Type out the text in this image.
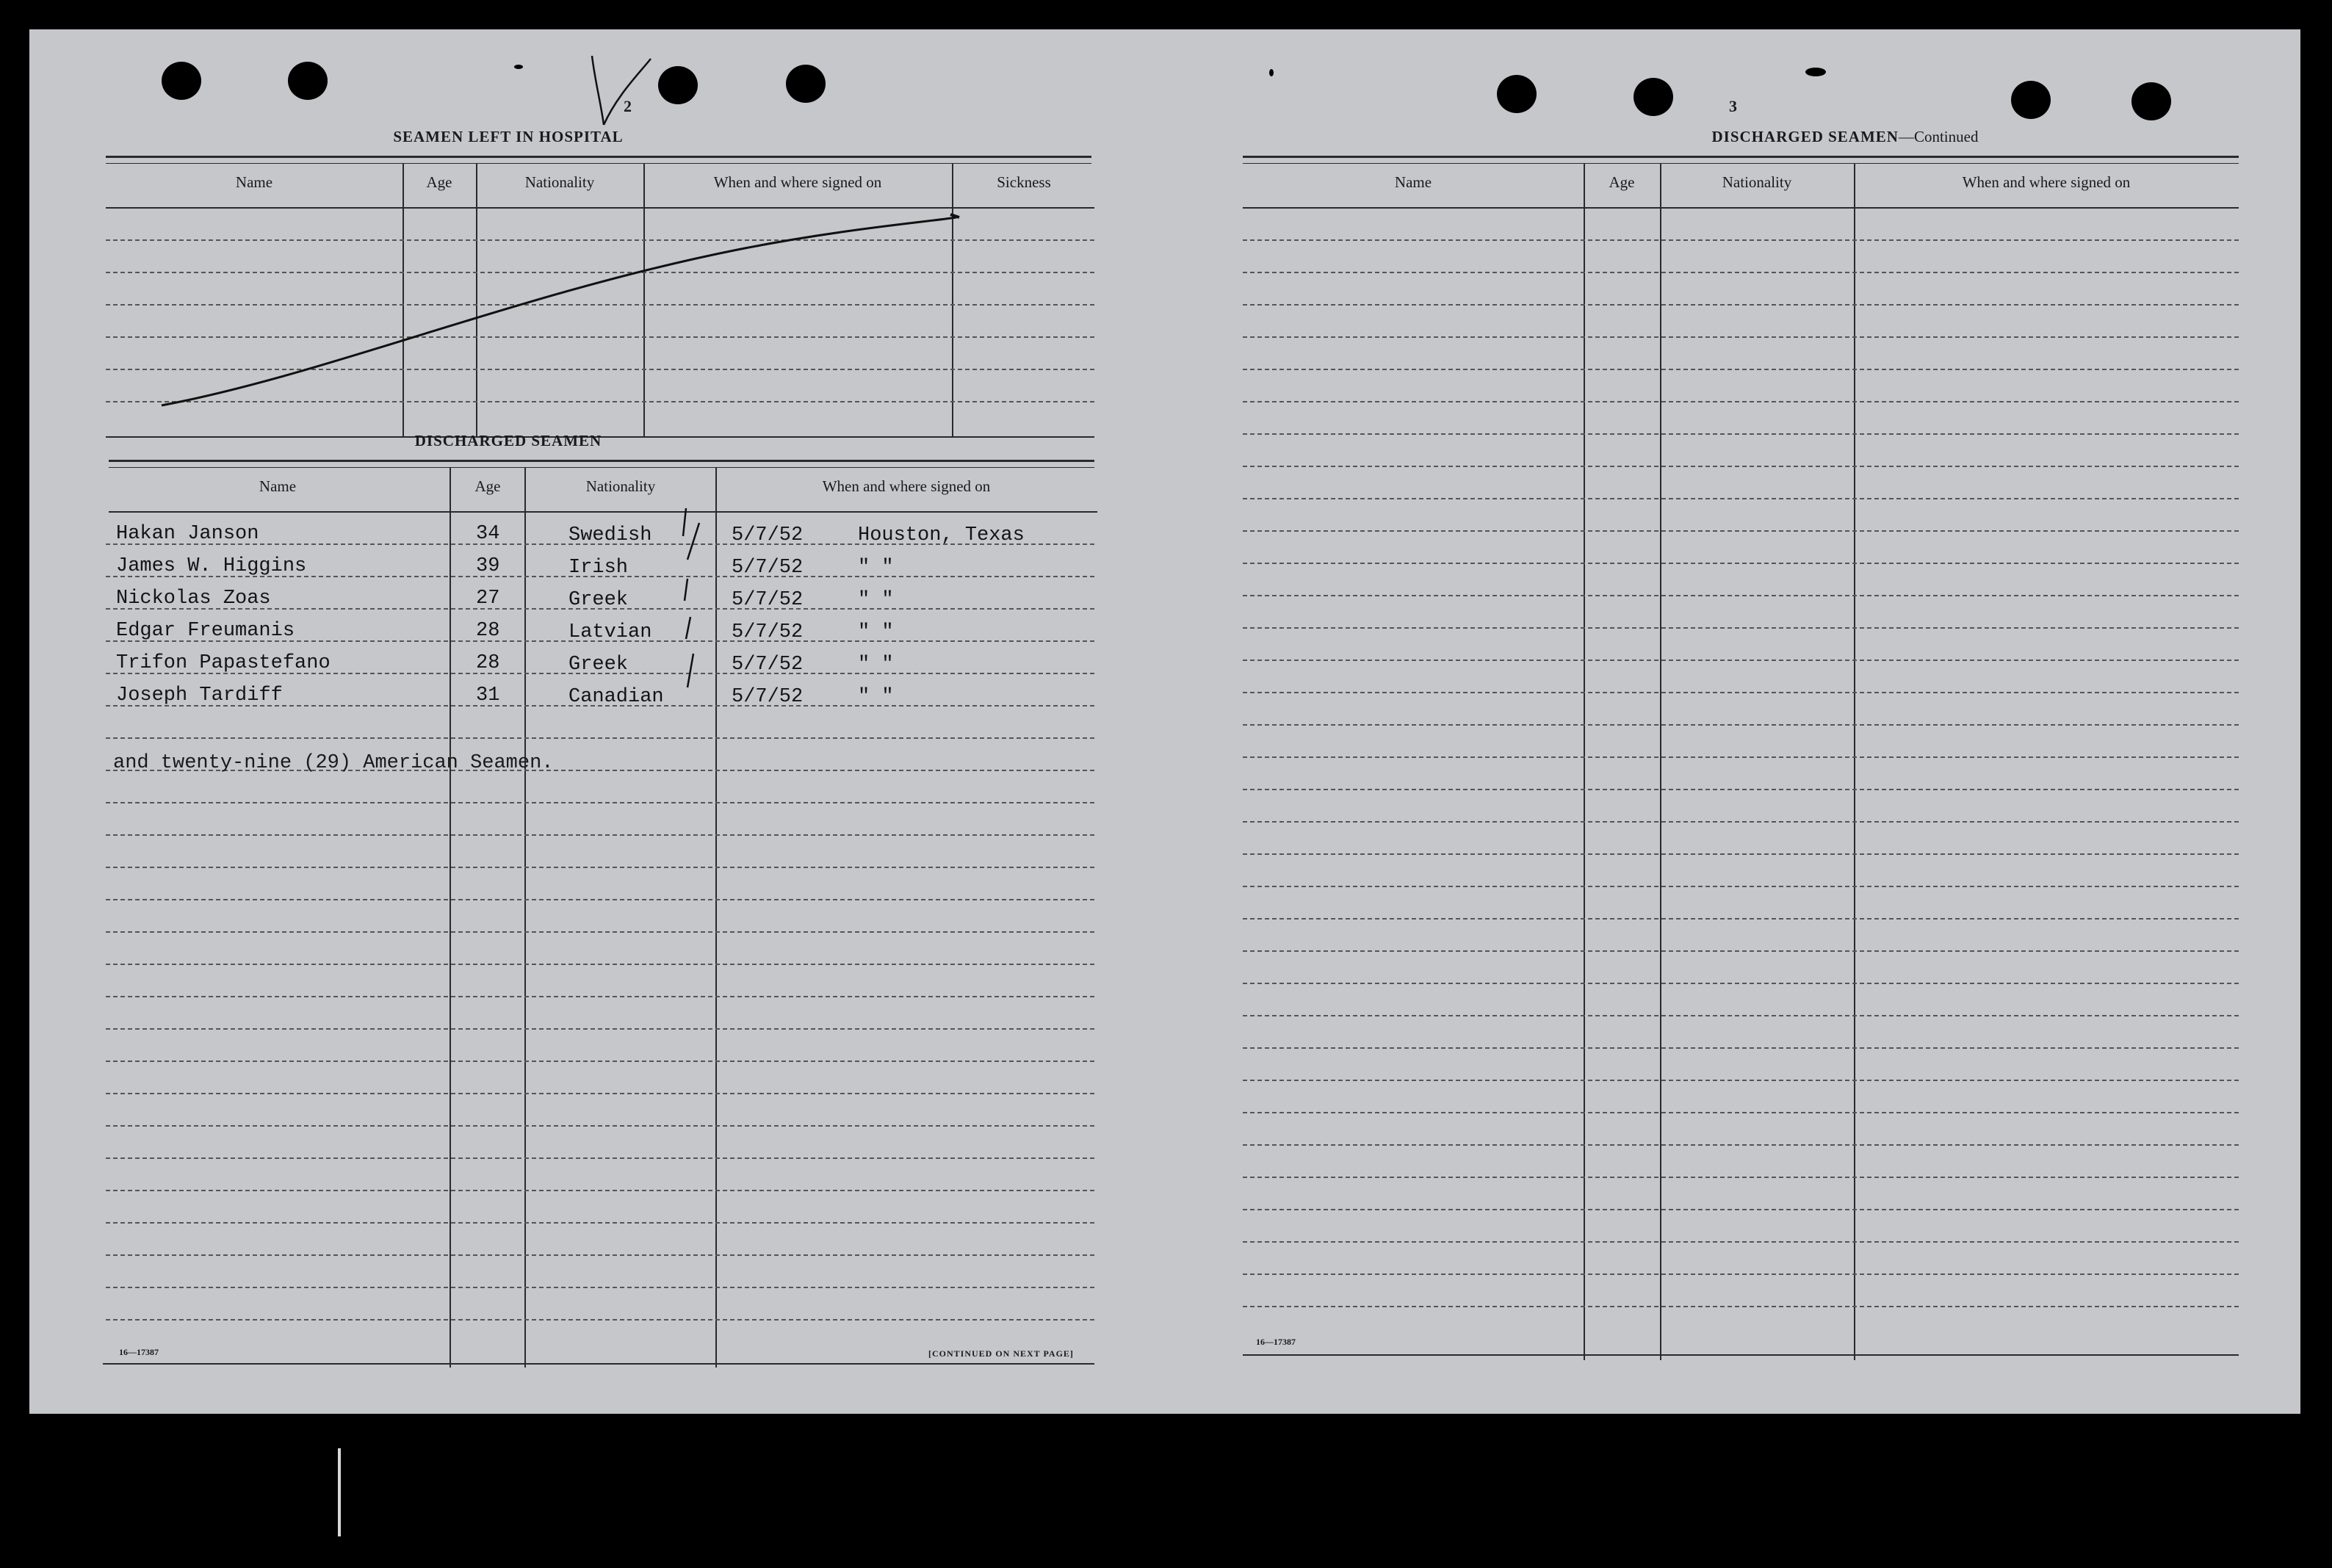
2
SEAMEN LEFT IN HOSPITAL
Name	Age	Nationality	When and where signed on	Sickness
DISCHARGED SEAMEN
Name	Age	Nationality	When and where signed on
Hakan Janson	34	Swedish	5/7/52	Houston, Texas
James W. Higgins	39	Irish	5/7/52	" "
Nickolas Zoas	27	Greek	5/7/52	" "
Edgar Freumanis	28	Latvian	5/7/52	" "
Trifon Papastefano	28	Greek	5/7/52	" "
Joseph Tardiff	31	Canadian	5/7/52	" "
and twenty-nine (29) American Seamen.
16—17387	[CONTINUED ON NEXT PAGE]
3
DISCHARGED SEAMEN—Continued
Name	Age	Nationality	When and where signed on
16—17387
